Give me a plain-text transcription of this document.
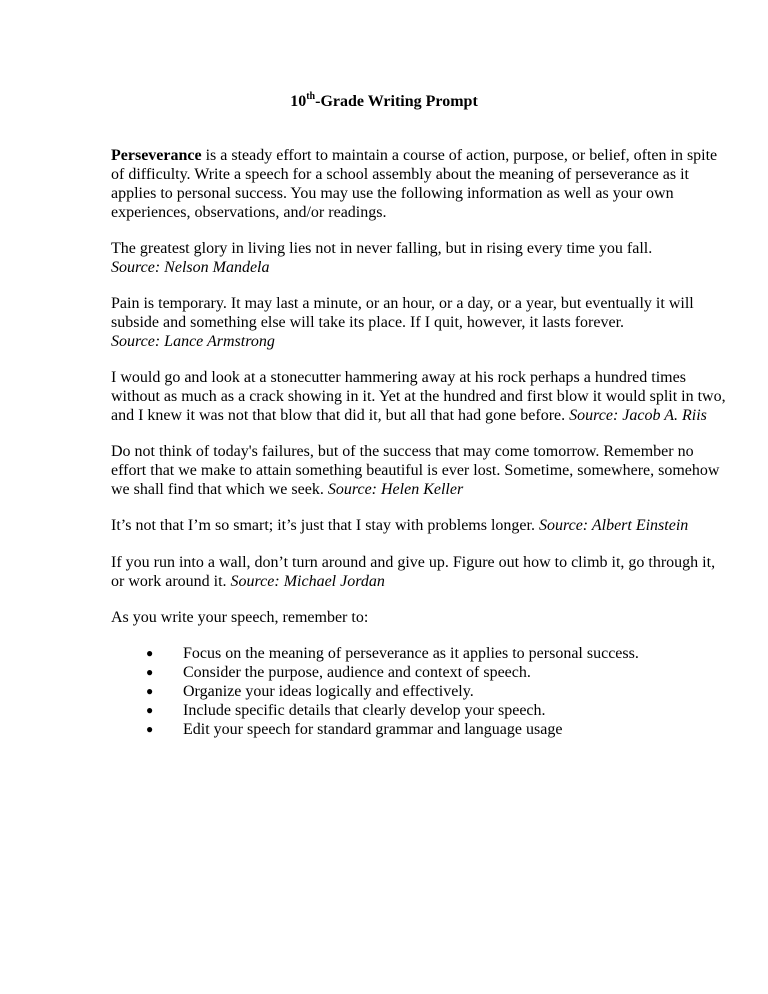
10th-Grade Writing Prompt
Perseverance is a steady effort to maintain a course of action, purpose, or belief, often in spite
of difficulty. Write a speech for a school assembly about the meaning of perseverance as it
applies to personal success. You may use the following information as well as your own
experiences, observations, and/or readings.
The greatest glory in living lies not in never falling, but in rising every time you fall.
Source: Nelson Mandela
Pain is temporary. It may last a minute, or an hour, or a day, or a year, but eventually it will
subside and something else will take its place. If I quit, however, it lasts forever.
Source: Lance Armstrong
I would go and look at a stonecutter hammering away at his rock perhaps a hundred times
without as much as a crack showing in it. Yet at the hundred and first blow it would split in two,
and I knew it was not that blow that did it, but all that had gone before. Source: Jacob A. Riis
Do not think of today's failures, but of the success that may come tomorrow. Remember no
effort that we make to attain something beautiful is ever lost. Sometime, somewhere, somehow
we shall find that which we seek. Source: Helen Keller
It’s not that I’m so smart; it’s just that I stay with problems longer. Source: Albert Einstein
If you run into a wall, don’t turn around and give up. Figure out how to climb it, go through it,
or work around it. Source: Michael Jordan
As you write your speech, remember to:
●	Focus on the meaning of perseverance as it applies to personal success.
●	Consider the purpose, audience and context of speech.
●	Organize your ideas logically and effectively.
●	Include specific details that clearly develop your speech.
●	Edit your speech for standard grammar and language usage
